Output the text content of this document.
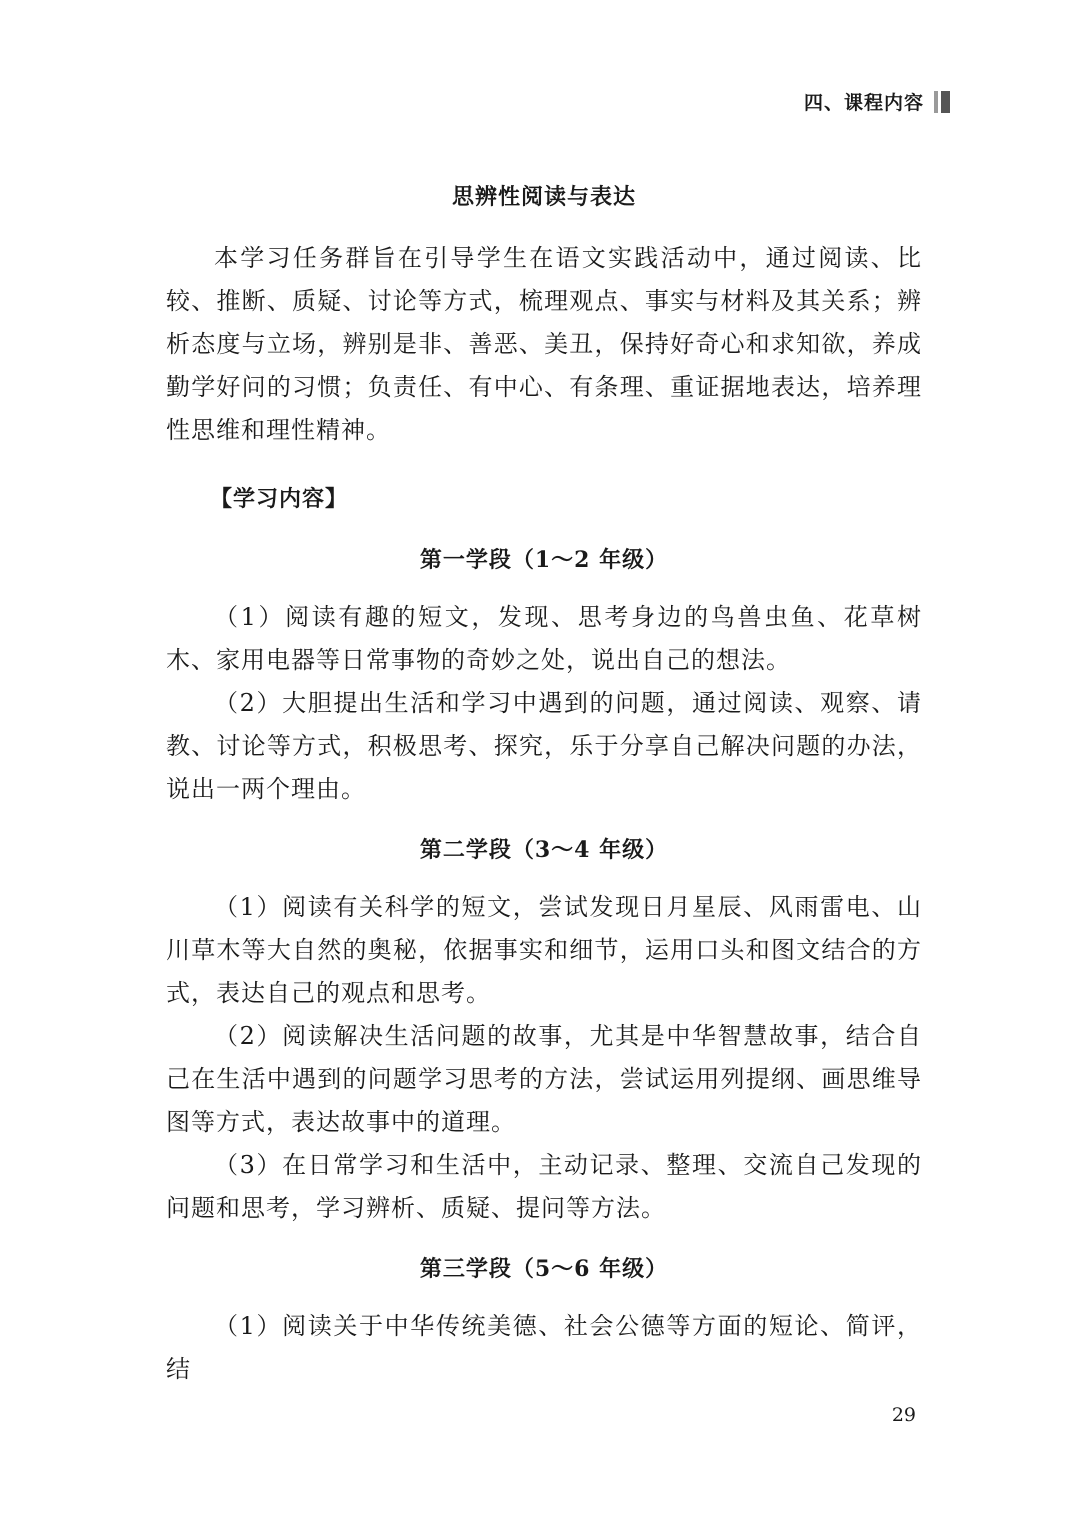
四、课程内容
思辨性阅读与表达

本学习任务群旨在引导学生在语文实践活动中，通过阅读、比较、推断、质疑、讨论等方式，梳理观点、事实与材料及其关系；辨析态度与立场，辨别是非、善恶、美丑，保持好奇心和求知欲，养成勤学好问的习惯；负责任、有中心、有条理、重证据地表达，培养理性思维和理性精神。

【学习内容】
第一学段（1～2 年级）

（1）阅读有趣的短文，发现、思考身边的鸟兽虫鱼、花草树木、家用电器等日常事物的奇妙之处，说出自己的想法。

（2）大胆提出生活和学习中遇到的问题，通过阅读、观察、请教、讨论等方式，积极思考、探究，乐于分享自己解决问题的办法，说出一两个理由。

第二学段（3～4 年级）

（1）阅读有关科学的短文，尝试发现日月星辰、风雨雷电、山川草木等大自然的奥秘，依据事实和细节，运用口头和图文结合的方式，表达自己的观点和思考。

（2）阅读解决生活问题的故事，尤其是中华智慧故事，结合自己在生活中遇到的问题学习思考的方法，尝试运用列提纲、画思维导图等方式，表达故事中的道理。

（3）在日常学习和生活中，主动记录、整理、交流自己发现的问题和思考，学习辨析、质疑、提问等方法。

第三学段（5～6 年级）

（1）阅读关于中华传统美德、社会公德等方面的短论、简评，结

29
